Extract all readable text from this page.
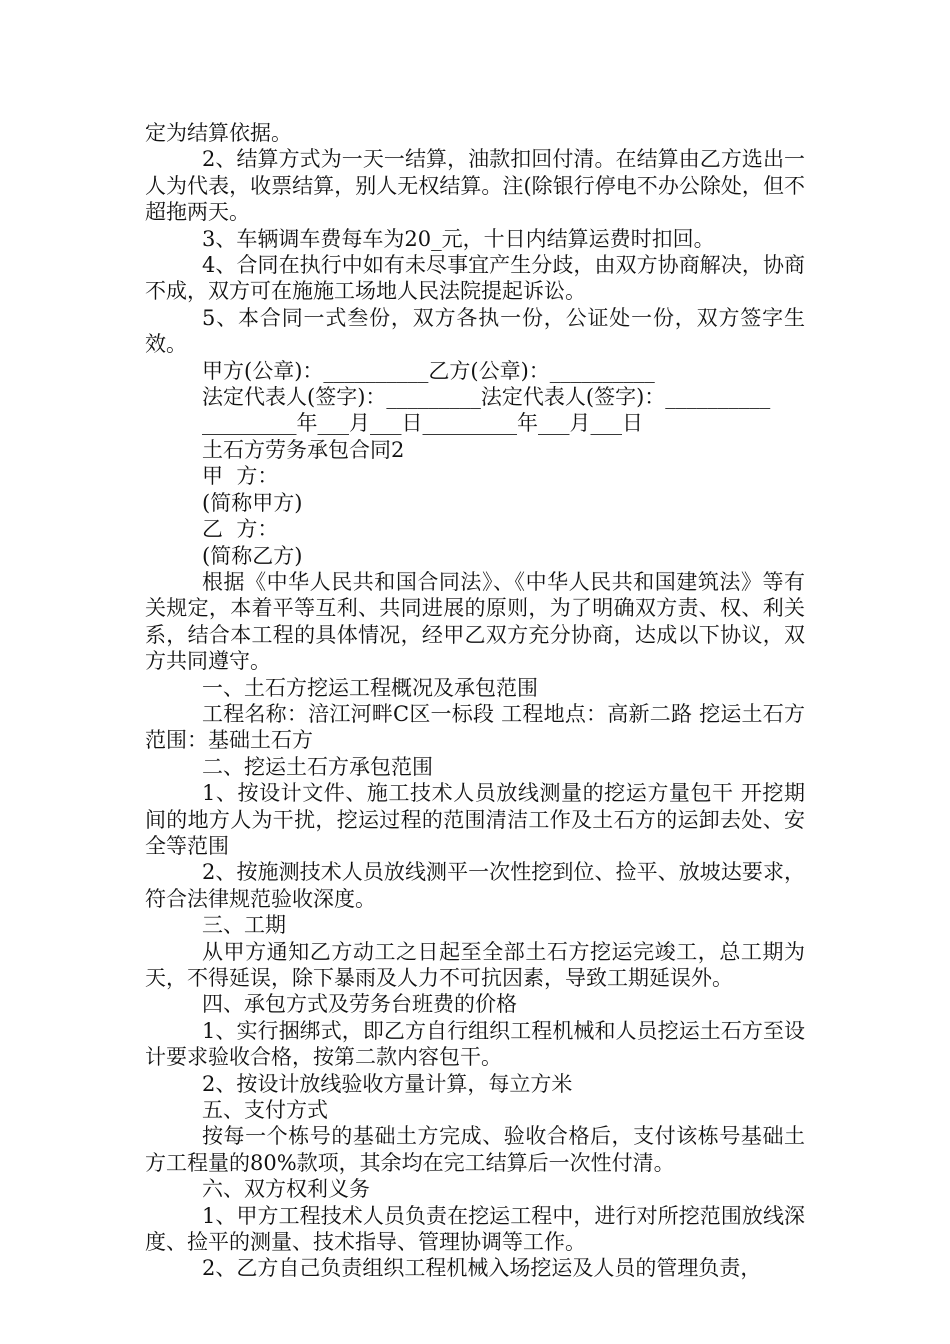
定为结算依据。
2、结算方式为一天一结算，油款扣回付清。在结算由乙方选出一人为代表，收票结算，别人无权结算。注(除银行停电不办公除处，但不超拖两天。
3、车辆调车费每车为20_元，十日内结算运费时扣回。
4、合同在执行中如有未尽事宜产生分歧，由双方协商解决，协商不成，双方可在施施工场地人民法院提起诉讼。
5、本合同一式叁份，双方各执一份，公证处一份，双方签字生效。
甲方(公章)：__________乙方(公章)：__________
法定代表人(签字)：_________法定代表人(签字)：__________
_________年___月___日_________年___月___日
土石方劳务承包合同2
甲  方：
(简称甲方)
乙  方：
(简称乙方)
根据《中华人民共和国合同法》、《中华人民共和国建筑法》等有关规定，本着平等互利、共同进展的原则，为了明确双方责、权、利关系，结合本工程的具体情况，经甲乙双方充分协商，达成以下协议，双方共同遵守。
一、土石方挖运工程概况及承包范围
工程名称：涪江河畔C区一标段 工程地点：高新二路 挖运土石方范围：基础土石方
二、挖运土石方承包范围
1、按设计文件、施工技术人员放线测量的挖运方量包干 开挖期间的地方人为干扰，挖运过程的范围清洁工作及土石方的运卸去处、安全等范围
2、按施测技术人员放线测平一次性挖到位、捡平、放坡达要求，符合法律规范验收深度。
三、工期
从甲方通知乙方动工之日起至全部土石方挖运完竣工，总工期为 天，不得延误，除下暴雨及人力不可抗因素，导致工期延误外。
四、承包方式及劳务台班费的价格
1、实行捆绑式，即乙方自行组织工程机械和人员挖运土石方至设计要求验收合格，按第二款内容包干。
2、按设计放线验收方量计算，每立方米
五、支付方式
按每一个栋号的基础土方完成、验收合格后，支付该栋号基础土方工程量的80%款项，其余均在完工结算后一次性付清。
六、双方权利义务
1、甲方工程技术人员负责在挖运工程中，进行对所挖范围放线深度、捡平的测量、技术指导、管理协调等工作。
2、乙方自己负责组织工程机械入场挖运及人员的管理负责，
